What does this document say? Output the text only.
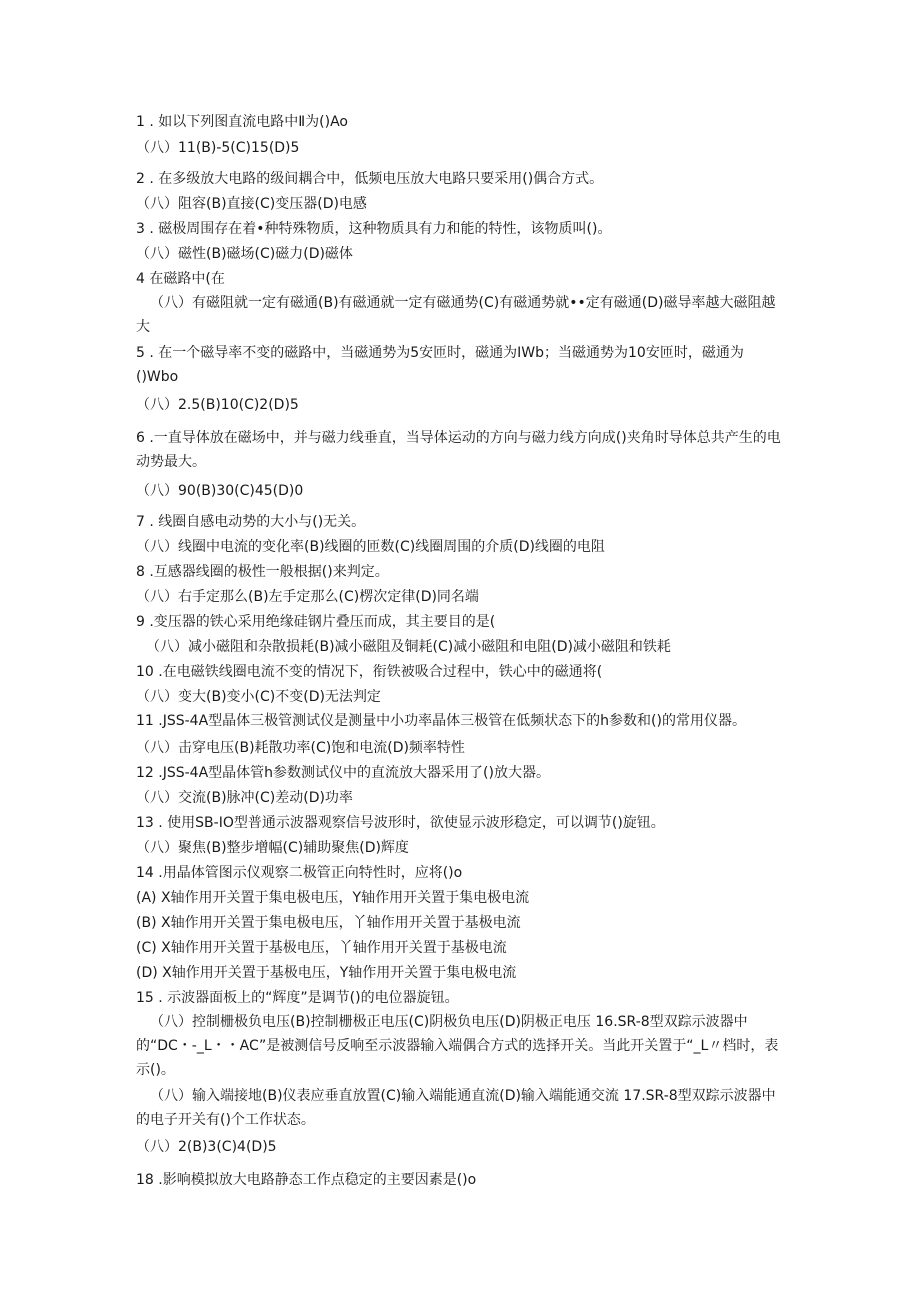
1 . 如以下列图直流电路中Ⅱ为()Ao
（八）11(B)-5(C)15(D)5
2 . 在多级放大电路的级间耦合中，低频电压放大电路只要采用()偶合方式。
（八）阻容(B)直接(C)变压器(D)电感
3 . 磁极周围存在着•种特殊物质，这种物质具有力和能的特性，该物质叫()。
（八）磁性(B)磁场(C)磁力(D)磁体
4 在磁路中(在
（八）有磁阻就一定有磁通(B)有磁通就一定有磁通势(C)有磁通势就••定有磁通(D)磁导率越大磁阻越大
5 . 在一个磁导率不变的磁路中，当磁通势为5安匝时，磁通为IWb；当磁通势为10安匝时，磁通为()Wbo
（八）2.5(B)10(C)2(D)5
6 .一直导体放在磁场中，并与磁力线垂直，当导体运动的方向与磁力线方向成()夹角时导体总共产生的电动势最大。
（八）90(B)30(C)45(D)0
7 . 线圈自感电动势的大小与()无关。
（八）线圈中电流的变化率(B)线圈的匝数(C)线圈周围的介质(D)线圈的电阻
8 .互感器线圈的极性一般根据()来判定。
（八）右手定那么(B)左手定那么(C)楞次定律(D)同名端
9 .变压器的铁心采用绝缘硅钢片叠压而成，其主要目的是(
（八）减小磁阻和杂散损耗(B)减小磁阻及铜耗(C)减小磁阻和电阻(D)减小磁阻和铁耗
10 .在电磁铁线圈电流不变的情况下，衔铁被吸合过程中，铁心中的磁通将(
（八）变大(B)变小(C)不变(D)无法判定
11 .JSS-4A型晶体三极管测试仪是测量中小功率晶体三极管在低频状态下的h参数和()的常用仪器。
（八）击穿电压(B)耗散功率(C)饱和电流(D)频率特性
12 .JSS-4A型晶体管h参数测试仪中的直流放大器采用了()放大器。
（八）交流(B)脉冲(C)差动(D)功率
13 . 使用SB-IO型普通示波器观察信号波形时，欲使显示波形稳定，可以调节()旋钮。
（八）聚焦(B)整步增幅(C)辅助聚焦(D)辉度
14 .用晶体管图示仪观察二极管正向特性时，应将()o
(A) X轴作用开关置于集电极电压，Y轴作用开关置于集电极电流
(B) X轴作用开关置于集电极电压，丫轴作用开关置于基极电流
(C) X轴作用开关置于基极电压，丫轴作用开关置于基极电流
(D) X轴作用开关置于基极电压，Y轴作用开关置于集电极电流
15 . 示波器面板上的“辉度”是调节()的电位器旋钮。
（八）控制栅极负电压(B)控制栅极正电压(C)阴极负电压(D)阴极正电压 16.SR-8型双踪示波器中的“DC・-_L・・AC”是被测信号反响至示波器输入端偶合方式的选择开关。当此开关置于“_L〃档时，表示()。
（八）输入端接地(B)仪表应垂直放置(C)输入端能通直流(D)输入端能通交流 17.SR-8型双踪示波器中的电子开关有()个工作状态。
（八）2(B)3(C)4(D)5
18 .影响模拟放大电路静态工作点稳定的主要因素是()o
